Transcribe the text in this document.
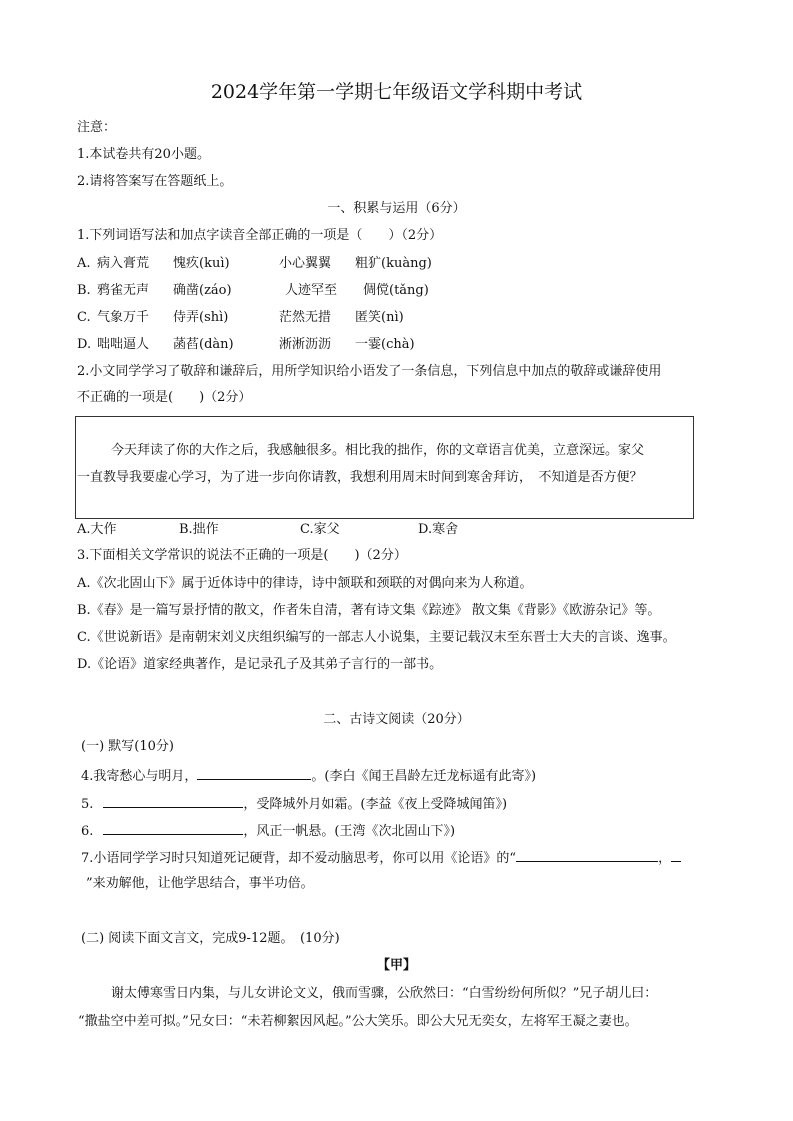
2024学年第一学期七年级语文学科期中考试
注意：
1.本试卷共有20小题。
2.请将答案写在答题纸上。
一、积累与运用（6分）
1.下列词语写法和加点字读音全部正确的一项是（　　）（2分）
A. 病入膏荒 愧疚(kuì)	小心翼翼 粗犷(kuàng)
B. 鸦雀无声 确凿(záo)	人迹罕至 倜傥(tǎng)
C. 气象万千 侍弄(shì)	茫然无措 匿笑(nì)
D. 咄咄逼人 菡萏(dàn)	淅淅沥沥 一霎(chà)
2.小文同学学习了敬辞和谦辞后，用所学知识给小语发了一条信息，下列信息中加点的敬辞或谦辞使用
不正确的一项是(　　)（2分）
今天拜读了你的大作之后，我感触很多。相比我的拙作，你的文章语言优美，立意深远。家父
一直教导我要虚心学习，为了进一步向你请教，我想利用周末时间到寒舍拜访，　不知道是否方便？
A.大作	B.拙作	C.家父	D.寒舍
3.下面相关文学常识的说法不正确的一项是(　　)（2分）
A.《次北固山下》属于近体诗中的律诗，诗中颔联和颈联的对偶向来为人称道。
B.《春》是一篇写景抒情的散文，作者朱自清，著有诗文集《踪迹》 散文集《背影》《欧游杂记》等。
C.《世说新语》是南朝宋刘义庆组织编写的一部志人小说集，主要记载汉末至东晋士大夫的言谈、逸事。
D.《论语》道家经典著作，是记录孔子及其弟子言行的一部书。
二、古诗文阅读（20分）
(一) 默写(10分)
4.我寄愁心与明月，	。(李白《闻王昌龄左迁龙标遥有此寄》)
5.	，受降城外月如霜。(李益《夜上受降城闻笛》)
6.	，风正一帆悬。(王湾《次北固山下》)
7.小语同学学习时只知道死记硬背，却不爱动脑思考，你可以用《论语》的“	，
”来劝解他，让他学思结合，事半功倍。
(二) 阅读下面文言文，完成9-12题。　(10分)
【甲】
谢太傅寒雪日内集，与儿女讲论文义，俄而雪骤，公欣然曰：“白雪纷纷何所似？”兄子胡儿曰：
“撒盐空中差可拟。”兄女曰：“未若柳絮因风起。”公大笑乐。即公大兄无奕女，左将军王凝之妻也。
